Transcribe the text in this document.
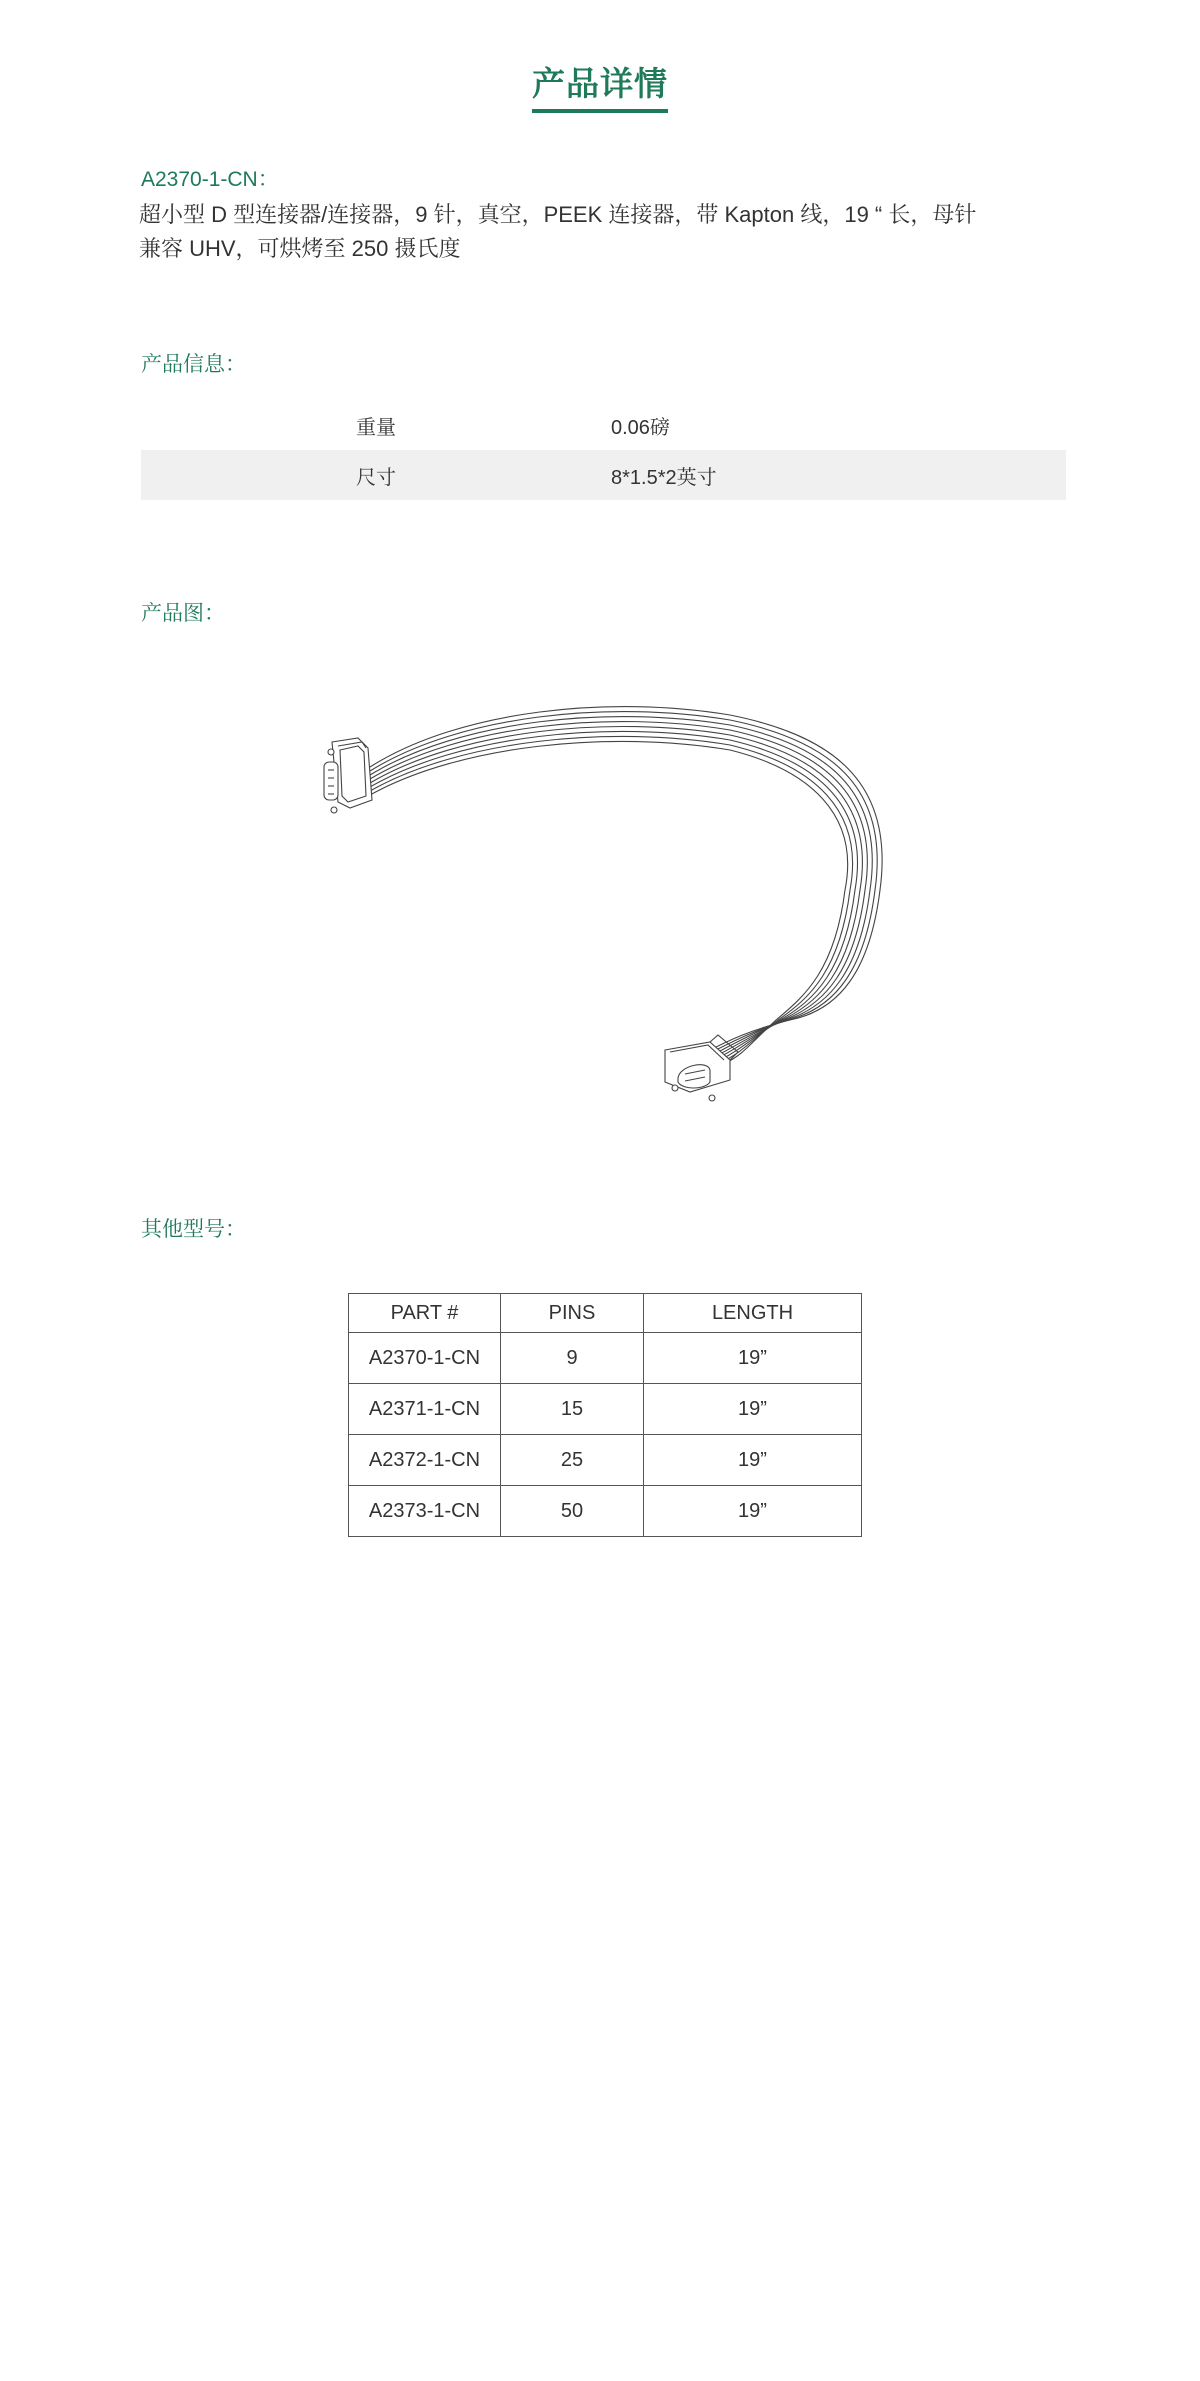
产品详情
A2370-1-CN：
超小型 D 型连接器/连接器，9 针，真空，PEEK 连接器，带 Kapton 线，19 “ 长，母针
兼容 UHV，可烘烤至 250 摄氏度
产品信息：
重量	0.06磅
尺寸	8*1.5*2英寸
产品图：
其他型号：
PART #	PINS	LENGTH
A2370-1-CN	9	19”
A2371-1-CN	15	19”
A2372-1-CN	25	19”
A2373-1-CN	50	19”
